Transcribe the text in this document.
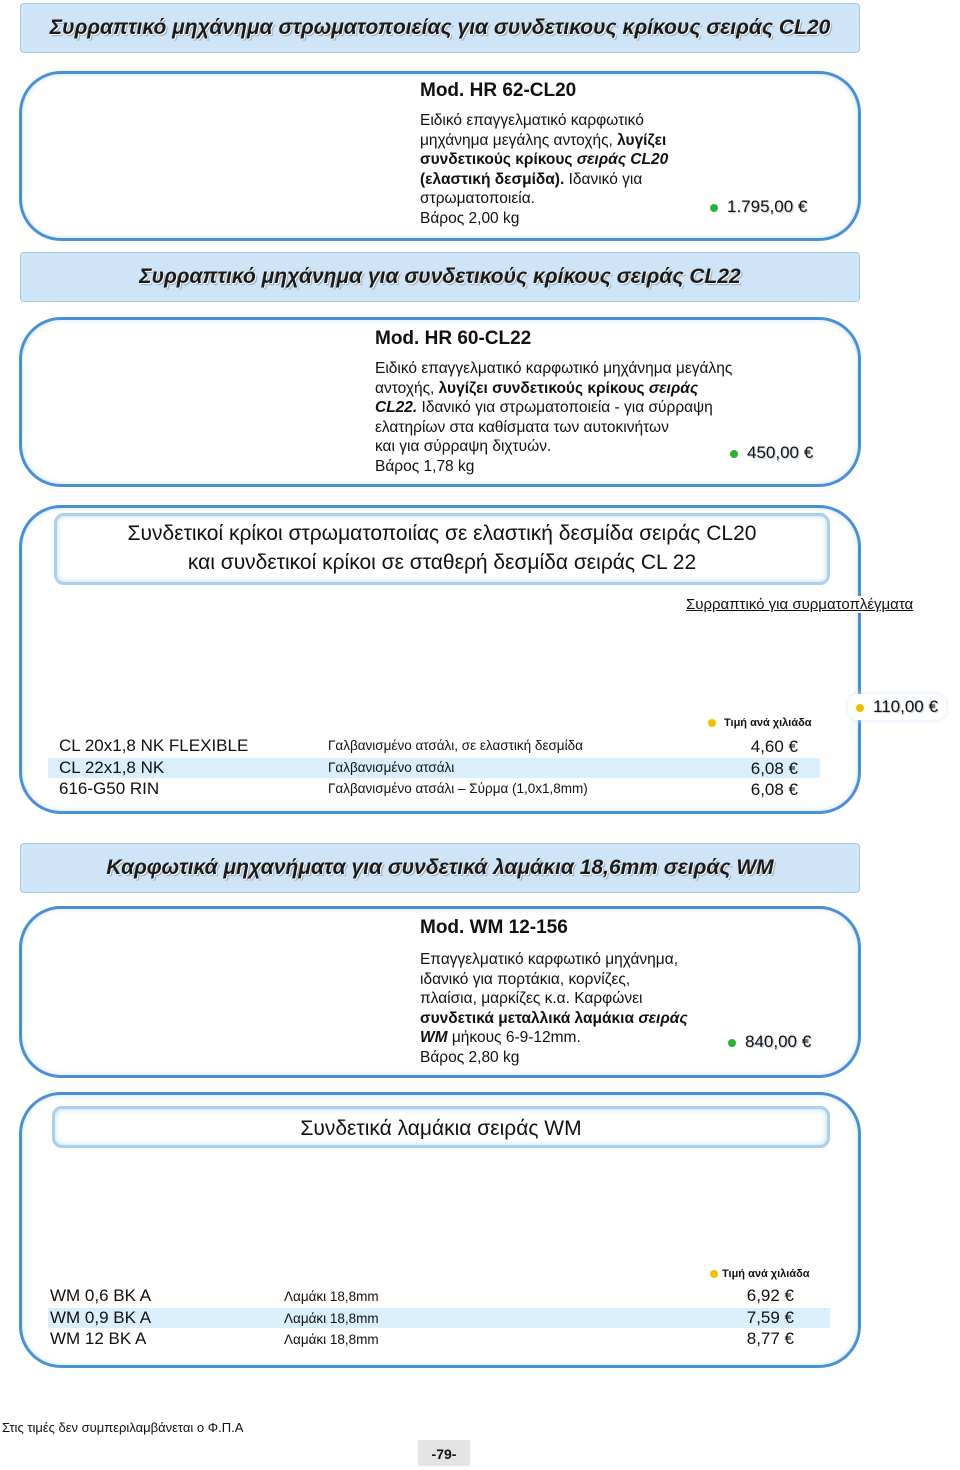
Συρραπτικό μηχάνημα στρωματοποιείας για συνδετικους κρίκους σειράς CL20
Mod. HR 62-CL20
Ειδικό επαγγελματικό καρφωτικό
μηχάνημα μεγάλης αντοχής, λυγίζει
συνδετικούς κρίκους σειράς CL20
(ελαστική δεσμίδα). Ιδανικό για
στρωματοποιεία.
Βάρος 2,00 kg
1.795,00 €
Συρραπτικό μηχάνημα για συνδετικούς κρίκους σειράς CL22
Mod. HR 60-CL22
Ειδικό επαγγελματικό καρφωτικό μηχάνημα μεγάλης
αντοχής, λυγίζει συνδετικούς κρίκους σειράς
CL22. Ιδανικό για στρωματοποιεία - για σύρραψη
ελατηρίων στα καθίσματα των αυτοκινήτων
και για σύρραψη διχτυών.
Βάρος 1,78 kg
450,00 €
Συνδετικοί κρίκοι στρωματοποιίας σε ελαστική δεσμίδα σειράς CL20
και συνδετικοί κρίκοι σε σταθερή δεσμίδα σειράς CL 22
Συρραπτικό για συρματοπλέγματα
110,00 €
Τιμή ανά χιλιάδα
CL 20x1,8 NK FLEXIBLE	Γαλβανισμένο ατσάλι, σε ελαστική δεσμίδα	4,60 €
CL 22x1,8 NK	Γαλβανισμένο ατσάλι	6,08 €
616-G50 RIN	Γαλβανισμένο ατσάλι – Σύρμα (1,0x1,8mm)	6,08 €
Καρφωτικά μηχανήματα για συνδετικά λαμάκια 18,6mm σειράς WM
Mod. WM 12-156
Επαγγελματικό καρφωτικό μηχάνημα,
ιδανικό για πορτάκια, κορνίζες,
πλαίσια, μαρκίζες κ.α. Καρφώνει
συνδετικά μεταλλικά λαμάκια σειράς
WM μήκους 6-9-12mm.
Βάρος 2,80 kg
840,00 €
Συνδετικά λαμάκια σειράς WM
Τιμή ανά χιλιάδα
WM 0,6 BK A	Λαμάκι 18,8mm	6,92 €
WM 0,9 BK A	Λαμάκι 18,8mm	7,59 €
WM 12 BK A	Λαμάκι 18,8mm	8,77 €
Στις τιμές δεν συμπεριλαμβάνεται ο Φ.Π.Α
-79-
